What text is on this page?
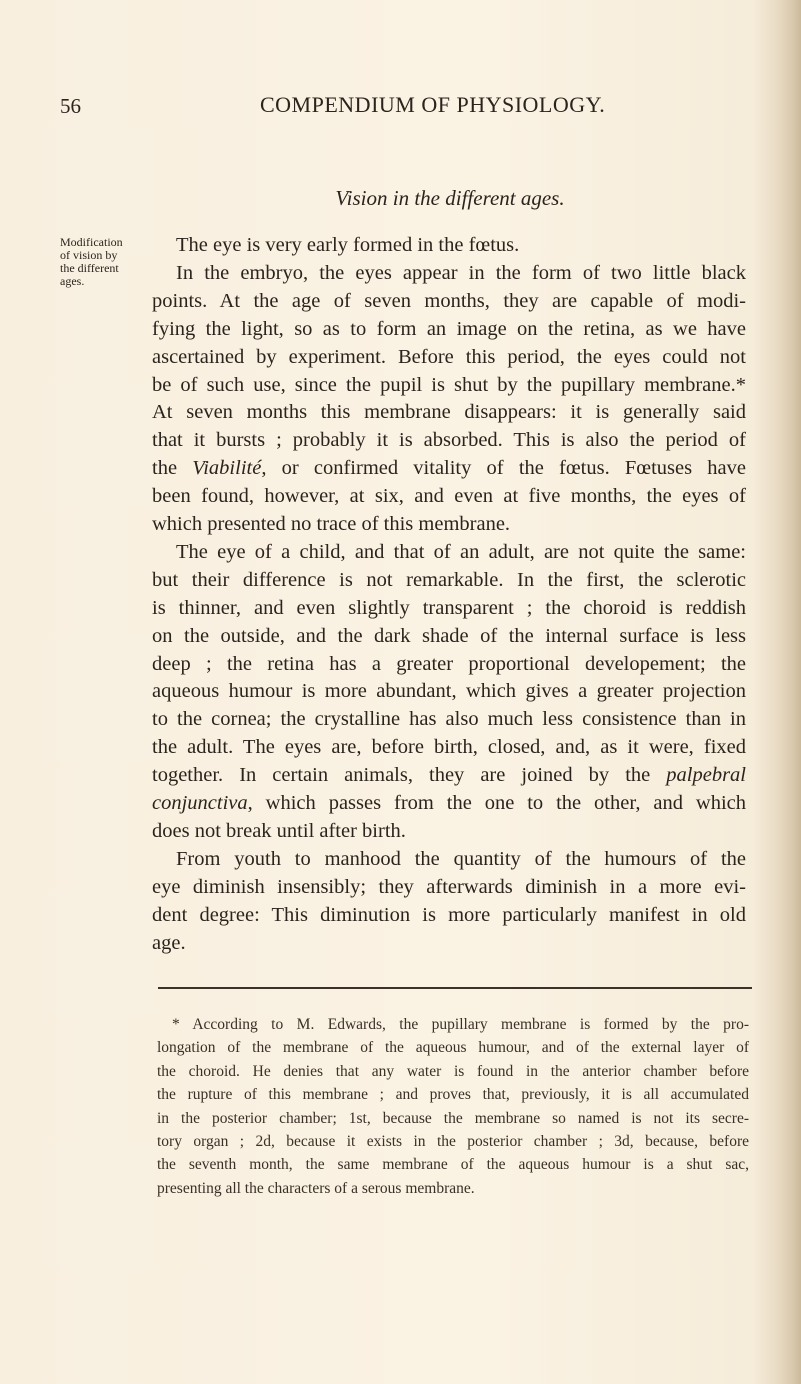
56	COMPENDIUM OF PHYSIOLOGY.
Vision in the different ages.
Modification
of vision by
the different
ages.
The eye is very early formed in the fœtus.
In the embryo, the eyes appear in the form of two little black
points. At the age of seven months, they are capable of modi-
fying the light, so as to form an image on the retina, as we have
ascertained by experiment. Before this period, the eyes could not
be of such use, since the pupil is shut by the pupillary membrane.*
At seven months this membrane disappears: it is generally said
that it bursts ; probably it is absorbed. This is also the period of
the Viabilité, or confirmed vitality of the fœtus. Fœtuses have
been found, however, at six, and even at five months, the eyes of
which presented no trace of this membrane.
The eye of a child, and that of an adult, are not quite the same:
but their difference is not remarkable. In the first, the sclerotic
is thinner, and even slightly transparent ; the choroid is reddish
on the outside, and the dark shade of the internal surface is less
deep ; the retina has a greater proportional developement; the
aqueous humour is more abundant, which gives a greater projection
to the cornea; the crystalline has also much less consistence than in
the adult. The eyes are, before birth, closed, and, as it were, fixed
together. In certain animals, they are joined by the palpebral
conjunctiva, which passes from the one to the other, and which
does not break until after birth.
From youth to manhood the quantity of the humours of the
eye diminish insensibly; they afterwards diminish in a more evi-
dent degree: This diminution is more particularly manifest in old
age.
* According to M. Edwards, the pupillary membrane is formed by the pro-
longation of the membrane of the aqueous humour, and of the external layer of
the choroid. He denies that any water is found in the anterior chamber before
the rupture of this membrane ; and proves that, previously, it is all accumulated
in the posterior chamber; 1st, because the membrane so named is not its secre-
tory organ ; 2d, because it exists in the posterior chamber ; 3d, because, before
the seventh month, the same membrane of the aqueous humour is a shut sac,
presenting all the characters of a serous membrane.
